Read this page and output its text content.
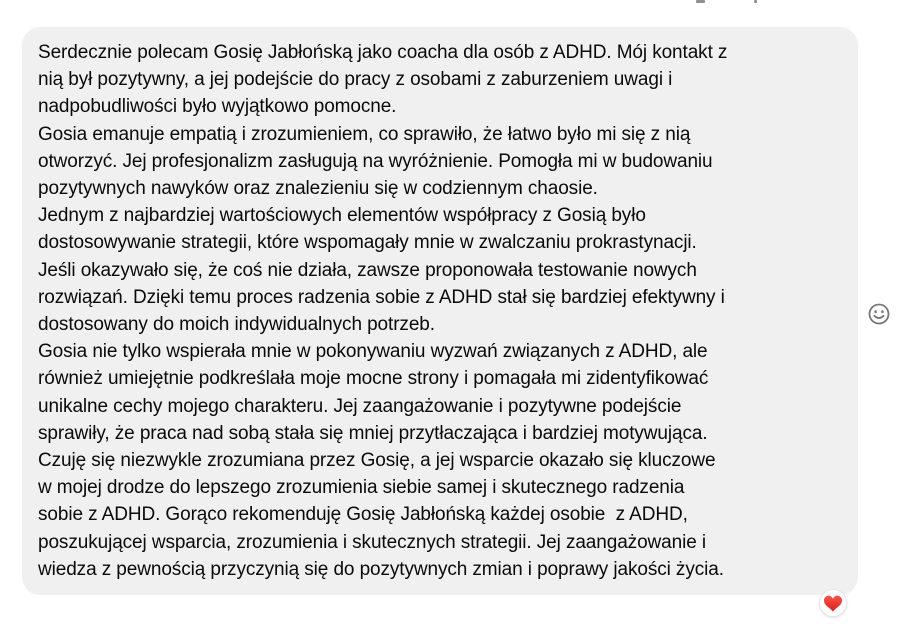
Serdecznie polecam Gosię Jabłońską jako coacha dla osób z ADHD. Mój kontakt z
nią był pozytywny, a jej podejście do pracy z osobami z zaburzeniem uwagi i
nadpobudliwości było wyjątkowo pomocne.
Gosia emanuje empatią i zrozumieniem, co sprawiło, że łatwo było mi się z nią
otworzyć. Jej profesjonalizm zasługują na wyróżnienie. Pomogła mi w budowaniu
pozytywnych nawyków oraz znalezieniu się w codziennym chaosie.
Jednym z najbardziej wartościowych elementów współpracy z Gosią było
dostosowywanie strategii, które wspomagały mnie w zwalczaniu prokrastynacji.
Jeśli okazywało się, że coś nie działa, zawsze proponowała testowanie nowych
rozwiązań. Dzięki temu proces radzenia sobie z ADHD stał się bardziej efektywny i
dostosowany do moich indywidualnych potrzeb.
Gosia nie tylko wspierała mnie w pokonywaniu wyzwań związanych z ADHD, ale
również umiejętnie podkreślała moje mocne strony i pomagała mi zidentyfikować
unikalne cechy mojego charakteru. Jej zaangażowanie i pozytywne podejście
sprawiły, że praca nad sobą stała się mniej przytłaczająca i bardziej motywująca.
Czuję się niezwykle zrozumiana przez Gosię, a jej wsparcie okazało się kluczowe
w mojej drodze do lepszego zrozumienia siebie samej i skutecznego radzenia
sobie z ADHD. Gorąco rekomenduję Gosię Jabłońską każdej osobie  z ADHD,
poszukującej wsparcia, zrozumienia i skutecznych strategii. Jej zaangażowanie i
wiedza z pewnością przyczynią się do pozytywnych zmian i poprawy jakości życia.
